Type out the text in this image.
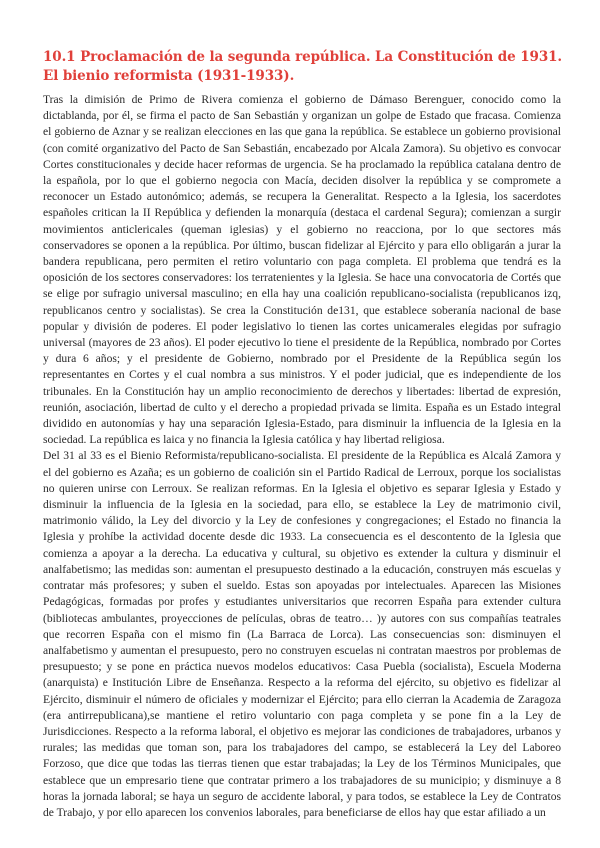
10.1 Proclamación de la segunda república. La Constitución de 1931. El bienio reformista (1931-1933).

Tras la dimisión de Primo de Rivera comienza el gobierno de Dámaso Berenguer, conocido como la dictablanda, por él, se firma el pacto de San Sebastián y organizan un golpe de Estado que fracasa. Comienza el gobierno de Aznar y se realizan elecciones en las que gana la república. Se establece un gobierno provisional (con comité organizativo del Pacto de San Sebastián, encabezado por Alcala Zamora). Su objetivo es convocar Cortes constitucionales y decide hacer reformas de urgencia. Se ha proclamado la república catalana dentro de la española, por lo que el gobierno negocia con Macía, deciden disolver la república y se compromete a reconocer un Estado autonómico; además, se recupera la Generalitat. Respecto a la Iglesia, los sacerdotes españoles critican la II República y defienden la monarquía (destaca el cardenal Segura); comienzan a surgir movimientos anticlericales (queman iglesias) y el gobierno no reacciona, por lo que sectores más conservadores se oponen a la república. Por último, buscan fidelizar al Ejército y para ello obligarán a jurar la bandera republicana, pero permiten el retiro voluntario con paga completa. El problema que tendrá es la oposición de los sectores conservadores: los terratenientes y la Iglesia. Se hace una convocatoria de Cortés que se elige por sufragio universal masculino; en ella hay una coalición republicano-socialista (republicanos izq, republicanos centro y socialistas). Se crea la Constitución de131, que establece soberanía nacional de base popular y división de poderes. El poder legislativo lo tienen las cortes unicamerales elegidas por sufragio universal (mayores de 23 años). El poder ejecutivo lo tiene el presidente de la República, nombrado por Cortes y dura 6 años; y el presidente de Gobierno, nombrado por el Presidente de la República según los representantes en Cortes y el cual nombra a sus ministros. Y el poder judicial, que es independiente de los tribunales. En la Constitución hay un amplio reconocimiento de derechos y libertades: libertad de expresión, reunión, asociación, libertad de culto y el derecho a propiedad privada se limita. España es un Estado integral dividido en autonomías y hay una separación Iglesia-Estado, para disminuir la influencia de la Iglesia en la sociedad. La república es laica y no financia la Iglesia católica y hay libertad religiosa.

Del 31 al 33 es el Bienio Reformista/republicano-socialista. El presidente de la República es Alcalá Zamora y el del gobierno es Azaña; es un gobierno de coalición sin el Partido Radical de Lerroux, porque los socialistas no quieren unirse con Lerroux. Se realizan reformas. En la Iglesia el objetivo es separar Iglesia y Estado y disminuir la influencia de la Iglesia en la sociedad, para ello, se establece la Ley de matrimonio civil, matrimonio válido, la Ley del divorcio y la Ley de confesiones y congregaciones; el Estado no financia la Iglesia y prohíbe la actividad docente desde dic 1933. La consecuencia es el descontento de la Iglesia que comienza a apoyar a la derecha. La educativa y cultural, su objetivo es extender la cultura y disminuir el analfabetismo; las medidas son: aumentan el presupuesto destinado a la educación, construyen más escuelas y contratar más profesores; y suben el sueldo. Estas son apoyadas por intelectuales. Aparecen las Misiones Pedagógicas, formadas por profes y estudiantes universitarios que recorren España para extender cultura (bibliotecas ambulantes, proyecciones de películas, obras de teatro… )y autores con sus compañías teatrales que recorren España con el mismo fin (La Barraca de Lorca). Las consecuencias son: disminuyen el analfabetismo y aumentan el presupuesto, pero no construyen escuelas ni contratan maestros por problemas de presupuesto; y se pone en práctica nuevos modelos educativos: Casa Puebla (socialista), Escuela Moderna (anarquista) e Institución Libre de Enseñanza. Respecto a la reforma del ejército, su objetivo es fidelizar al Ejército, disminuir el número de oficiales y modernizar el Ejército; para ello cierran la Academia de Zaragoza (era antirrepublicana),se mantiene el retiro voluntario con paga completa y se pone fin a la Ley de Jurisdicciones. Respecto a la reforma laboral, el objetivo es mejorar las condiciones de trabajadores, urbanos y rurales; las medidas que toman son, para los trabajadores del campo, se establecerá la Ley del Laboreo Forzoso, que dice que todas las tierras tienen que estar trabajadas; la Ley de los Términos Municipales, que establece que un empresario tiene que contratar primero a los trabajadores de su municipio; y disminuye a 8 horas la jornada laboral; se haya un seguro de accidente laboral, y para todos, se establece la Ley de Contratos de Trabajo, y por ello aparecen los convenios laborales, para beneficiarse de ellos hay que estar afiliado a un
